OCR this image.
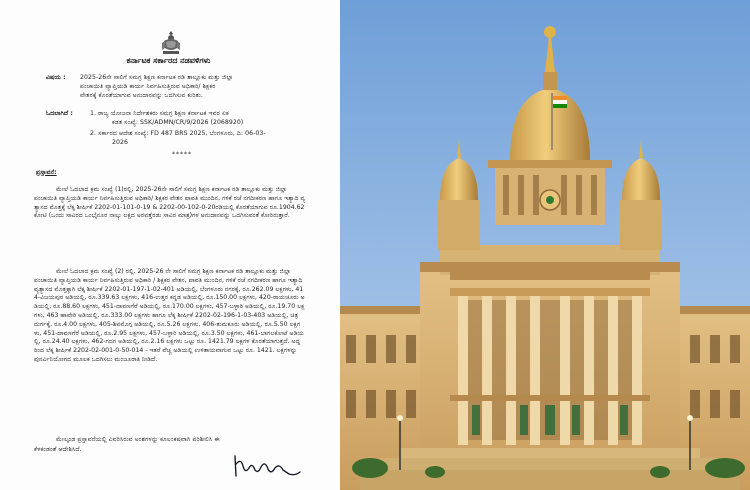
ಕರ್ನಾಟಕ ಸರ್ಕಾರದ ನಡವಳಿಗಳು
ವಿಷಯ : 2025-26ನೇ ಸಾಲಿಗೆ ಸಮಗ್ರ ಶಿಕ್ಷಣ ಕರ್ನಾಟಕ ರಡಿ ತಾಲ್ಲೂಕು ಮತ್ತು ಜಿಲ್ಲಾ
ಪಂಚಾಯಿತಿ ವ್ಯಾಪ್ತಿಯಡಿ ಕಾರ್ಯ ನಿರ್ವಹಿಸುತ್ತಿರುವ ಅಧಿಕಾರಿ/ ಶಿಕ್ಷಕರ
ವೇತನಕ್ಕೆ ಕೊರತೆಯಾಗುವ ಅನುದಾನವನ್ನು ಒದಗಿಸುವ ಕುರಿತು.
ಓದಲಾಗಿದೆ :	1. ರಾಜ್ಯ ಯೋಜನಾ ನಿರ್ದೇಶಕರು ಸಮಗ್ರ ಶಿಕ್ಷಣ ಕರ್ನಾಟಕ ಇವರ ಏಕ
ಕಡತ ಸಂಖ್ಯೆ: SSK/ADMN/CR/9/2026 (2068920)
2. ಸರ್ಕಾರದ ಆದೇಶ ಸಂಖ್ಯೆ: FD 487 BRS 2025, ಬೆಂಗಳೂರು, ದಿ: 06-03-
2026
*****
ಪ್ರಸ್ತಾವನೆ:
ಮೇಲೆ ಓದಲಾದ ಕ್ರಮ ಸಂಖ್ಯೆ (1)ರಲ್ಲಿ, 2025-26ನೇ ಸಾಲಿಗೆ ಸಮಗ್ರ ಶಿಕ್ಷಣ ಕರ್ನಾಟಕ ರಡಿ ತಾಲ್ಲೂಕು ಮತ್ತು ಜಿಲ್ಲಾ ಪಂಚಾಯಿತಿ ವ್ಯಾಪ್ತಿಯಡಿ ಕಾರ್ಯ ನಿರ್ವಹಿಸುತ್ತಿರುವ ಅಧಿಕಾರಿ/ ಶಿಕ್ಷಕರ ವೇತನ ಪಾವತಿ ಮುಂದಿನ, ಗಳಿಕೆ ರಜೆ ನಗದೀಕರಣ ಹಾಗೂ ಇತ್ಯಾದಿ ವ್ಯತ್ಯಾಸದ ಮೊತ್ತಕ್ಕೆ ಲೆಕ್ಕ ಶೀರ್ಷಿಕೆ 2202-01-101-0-19 & 2202-00-102-0-20ರಡಿಯಲ್ಲಿ ಕೊರತೆಯಾಗುವ ರೂ.1904.62 ಕೋಟಿ (ಒಂದು ಸಾವಿರದ ಒಂಭೈನೂರ ನಾಲ್ಕು ಲಕ್ಷದ ಅರವತ್ತೆರಡು ಸಾವಿರ ಮಾತ್ರ)ಗಳ ಅನುದಾನವನ್ನು ಒದಗಿಸುವಂತೆ ಕೋರಿರುತ್ತಾರೆ.
ಮೇಲೆ ಓದಲಾದ ಕ್ರಮ ಸಂಖ್ಯೆ (2) ರಲ್ಲಿ, 2025-26 ನೇ ಸಾಲಿಗೆ ಸಮಗ್ರ ಶಿಕ್ಷಣ ಕರ್ನಾಟಕ ರಡಿ ತಾಲ್ಲೂಕು ಮತ್ತು ಜಿಲ್ಲಾ ಪಂಚಾಯಿತಿ ವ್ಯಾಪ್ತಿಯಡಿ ಕಾರ್ಯ ನಿರ್ವಹಿಸುತ್ತಿರುವ ಅಧಿಕಾರಿ / ಶಿಕ್ಷಕರ ವೇತನ, ಪಾವತಿ ಮುಂದಿನ, ಗಳಿಕೆ ರಜೆ ನಗದೀಕರಣ ಹಾಗೂ ಇತ್ಯಾದಿ ವ್ಯತ್ಯಾಸದ ಮೊತ್ತಕ್ಕಾಗಿ ಲೆಕ್ಕ ಶೀರ್ಷಿಕೆ 2202-01-197-1-02-401 ಅಡಿಯಲ್ಲಿ, ಬೆಂಗಳೂರು ನಗರಕ್ಕೆ, ರೂ.262.09 ಲಕ್ಷಗಳು, 414-ವಿಜಯಪುರ ಅಡಿಯಲ್ಲಿ, ರೂ.339.63 ಲಕ್ಷಗಳು, 416-ಉತ್ತರ ಕನ್ನಡ ಅಡಿಯಲ್ಲಿ, ರೂ.150.00 ಲಕ್ಷಗಳು, 420-ರಾಯಚೂರು ಅಡಿಯಲ್ಲಿ, ರೂ.88.60 ಲಕ್ಷಗಳು, 451-ದಾವಣಗೆರೆ ಅಡಿಯಲ್ಲಿ, ರೂ.170.00 ಲಕ್ಷಗಳು, 457-ಬಳ್ಳಾರಿ ಅಡಿಯಲ್ಲಿ, ರೂ.19.70 ಲಕ್ಷಗಳು, 463 ಹಾವೇರಿ ಅಡಿಯಲ್ಲಿ, ರೂ.333.00 ಲಕ್ಷಗಳು ಹಾಗೂ ಲೆಕ್ಕ ಶೀರ್ಷಿಕೆ 2202-02-196-1-03-403 ಅಡಿಯಲ್ಲಿ, ಚಿತ್ರದುರ್ಗಕ್ಕೆ, ರೂ.4.00 ಲಕ್ಷಗಳು, 405-ಶಿವಮೊಗ್ಗ ಅಡಿಯಲ್ಲಿ, ರೂ.5.26 ಲಕ್ಷಗಳು, 406-ತುಮಕೂರು ಅಡಿಯಲ್ಲಿ, ರೂ.5.50 ಲಕ್ಷಗಳು, 451-ದಾವಣಗೆರೆ ಅಡಿಯಲ್ಲಿ, ರೂ.2.95 ಲಕ್ಷಗಳು, 457-ಬಳ್ಳಾರಿ ಅಡಿಯಲ್ಲಿ, ರೂ.3.50 ಲಕ್ಷಗಳು, 461-ಬಾಗಲಕೋಟೆ ಅಡಿಯಲ್ಲಿ, ರೂ.24.40 ಲಕ್ಷಗಳು, 462-ಗದಗ ಅಡಿಯಲ್ಲಿ, ರೂ.2.16 ಲಕ್ಷಗಳು ಒಟ್ಟು ರೂ. 1421.79 ಲಕ್ಷಗಳ ಕೊರತೆಯಾಗುತ್ತದೆ. ಅದ್ದರಿಂದ ಲೆಕ್ಕ ಶೀರ್ಷಿಕೆ 2202-02-001-0-50-014 - ಇತರೆ ವೆಚ್ಚ ಅಡಿಯಲ್ಲಿ ಉಳಿತಾಯವಾಗುವ ಒಟ್ಟು ರೂ. 1421. ಲಕ್ಷಗಳನ್ನು ಪುನರ್ವಿನಿಯೋಗದ ಮೂಲಕ ಒದಗಿಸಲು ಮಂಜೂರಾತಿ ನೀಡಿದೆ.
ಮೇಲ್ಕಂಡ ಪ್ರಸ್ತಾವನೆಯಲ್ಲಿ ವಿವರಿಸಿರುವ ಅಂಶಗಳನ್ನು ಕೂಲಂಕಷವಾಗಿ ಪರಿಶೀಲಿಸಿ ಈ
ಕೆಳಕಂಡಂತೆ ಆದೇಶಿಸಿದೆ.
